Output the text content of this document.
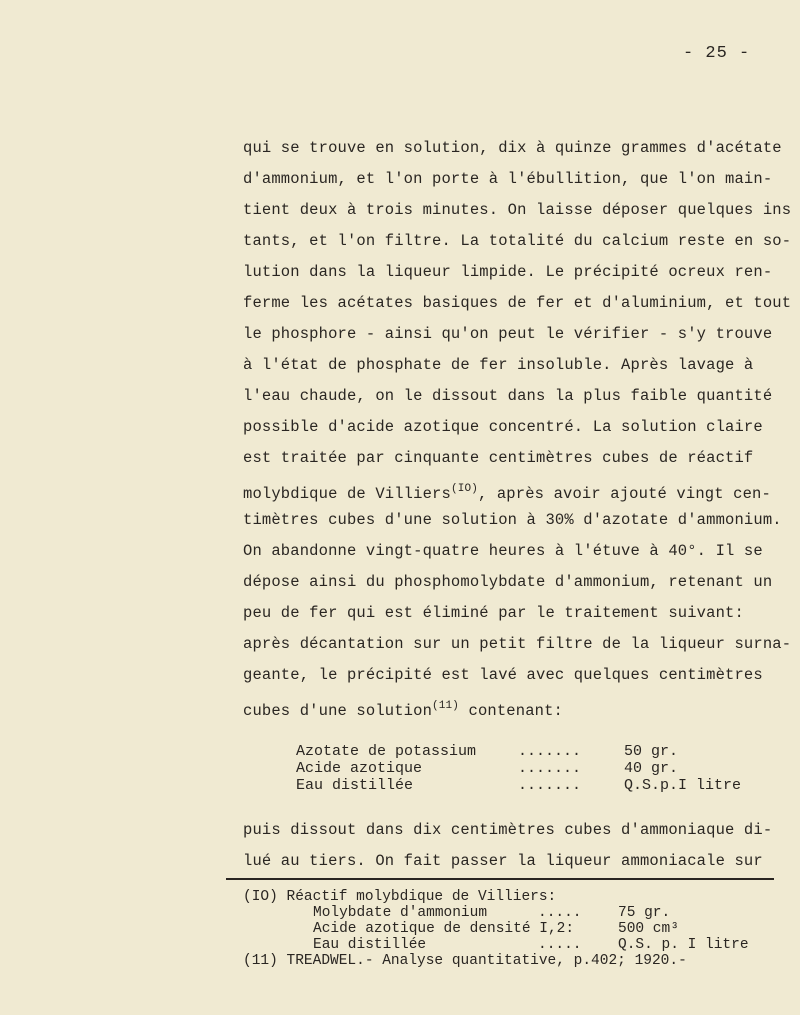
- 25 -
qui se trouve en solution, dix à quinze grammes d'acétate
d'ammonium, et l'on porte à l'ébullition, que l'on main-
tient deux à trois minutes. On laisse déposer quelques ins
tants, et l'on filtre. La totalité du calcium reste en so-
lution dans la liqueur limpide. Le précipité ocreux ren-
ferme les acétates basiques de fer et d'aluminium, et tout
le phosphore - ainsi qu'on peut le vérifier - s'y trouve
à l'état de phosphate de fer insoluble. Après lavage à
l'eau chaude, on le dissout dans la plus faible quantité
possible d'acide azotique concentré. La solution claire
est traitée par cinquante centimètres cubes de réactif
molybdique de Villiers$^{(IO)}$, après avoir ajouté vingt cen-
timètres cubes d'une solution à 30% d'azotate d'ammonium.
On abandonne vingt-quatre heures à l'étuve à 40°. Il se
dépose ainsi du phosphomolybdate d'ammonium, retenant un
peu de fer qui est éliminé par le traitement suivant:
après décantation sur un petit filtre de la liqueur surna-
geante, le précipité est lavé avec quelques centimètres
cubes d'une solution$^{(11)}$ contenant:
Azotate de potassium	.......	50 gr.
Acide azotique	.......	40 gr.
Eau distillée	.......	Q.S.p.I litre
puis dissout dans dix centimètres cubes d'ammoniaque di-
lué au tiers. On fait passer la liqueur ammoniacale sur
(IO) Réactif molybdique de Villiers:
Molybdate d'ammonium	.....	75 gr.
Acide azotique de densité I,2:	500 cm³
Eau distillée	.....	Q.S. p. I litre
(11) TREADWEL.- Analyse quantitative, p.402; 1920.-
